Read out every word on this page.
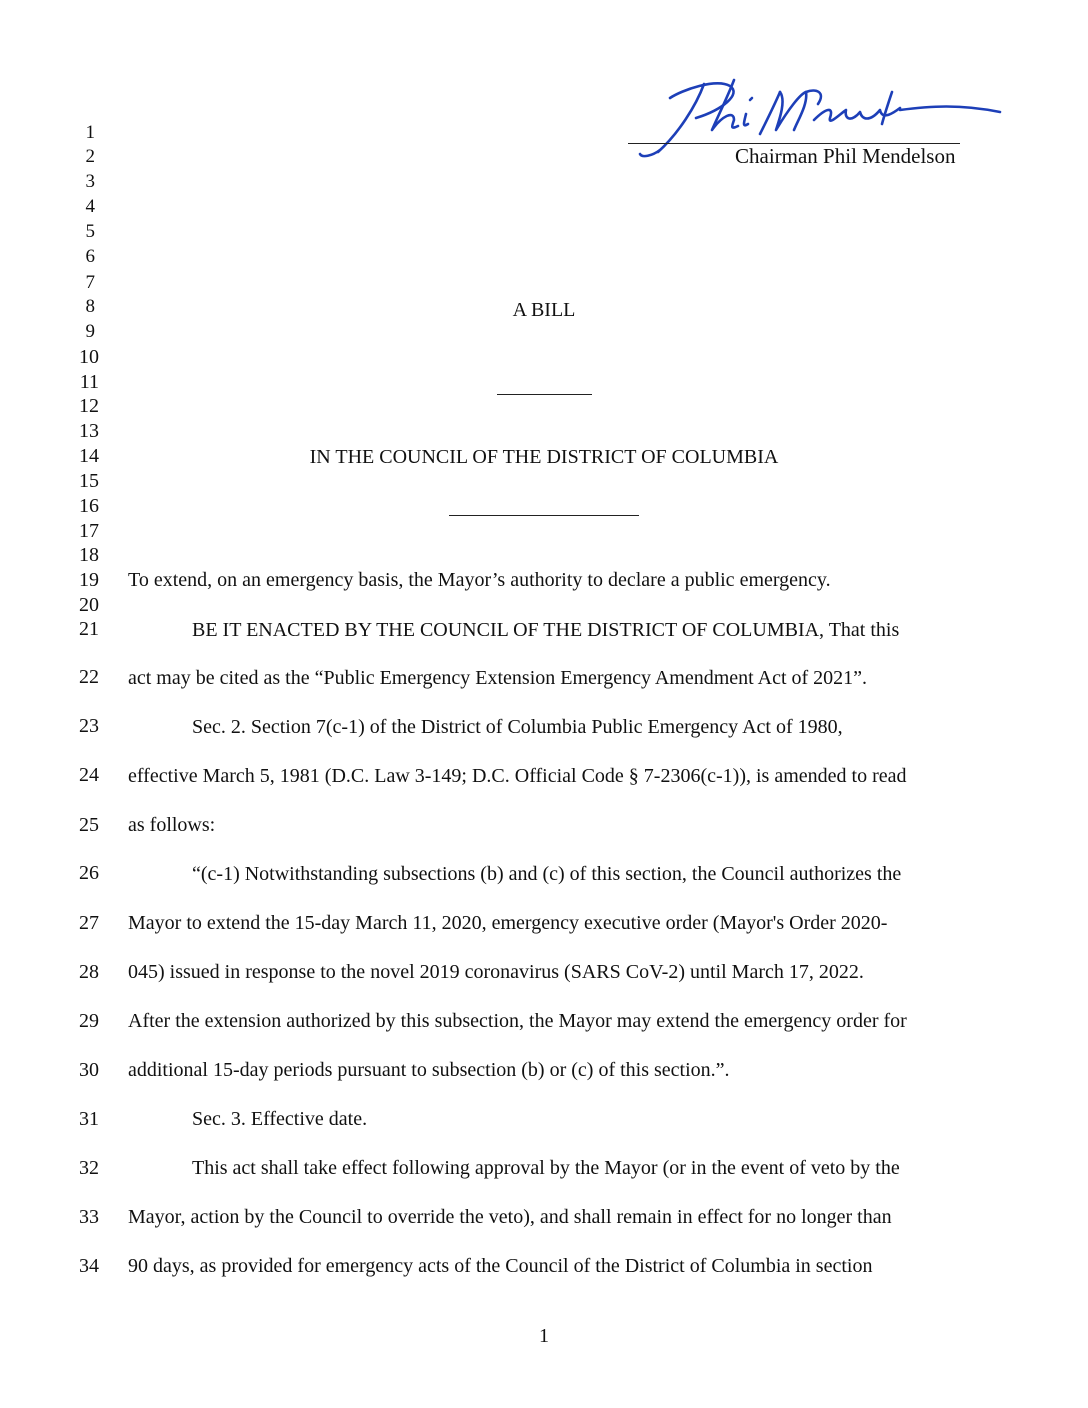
Chairman Phil Mendelson
1
2
3
4
5
6
7
8
9
10
11
12
13
14
15
16
17
18
19
20
21
22
23
24
25
26
27
28
29
30
31
32
33
34
A BILL
IN THE COUNCIL OF THE DISTRICT OF COLUMBIA
To extend, on an emergency basis, the Mayor’s authority to declare a public emergency.
BE IT ENACTED BY THE COUNCIL OF THE DISTRICT OF COLUMBIA, That this
act may be cited as the “Public Emergency Extension Emergency Amendment Act of 2021”.
Sec. 2. Section 7(c-1) of the District of Columbia Public Emergency Act of 1980,
effective March 5, 1981 (D.C. Law 3-149; D.C. Official Code § 7-2306(c-1)), is amended to read
as follows:
“(c-1) Notwithstanding subsections (b) and (c) of this section, the Council authorizes the
Mayor to extend the 15-day March 11, 2020, emergency executive order (Mayor's Order 2020-
045) issued in response to the novel 2019 coronavirus (SARS CoV-2) until March 17, 2022.
After the extension authorized by this subsection, the Mayor may extend the emergency order for
additional 15-day periods pursuant to subsection (b) or (c) of this section.”.
Sec. 3. Effective date.
This act shall take effect following approval by the Mayor (or in the event of veto by the
Mayor, action by the Council to override the veto), and shall remain in effect for no longer than
90 days, as provided for emergency acts of the Council of the District of Columbia in section
1
